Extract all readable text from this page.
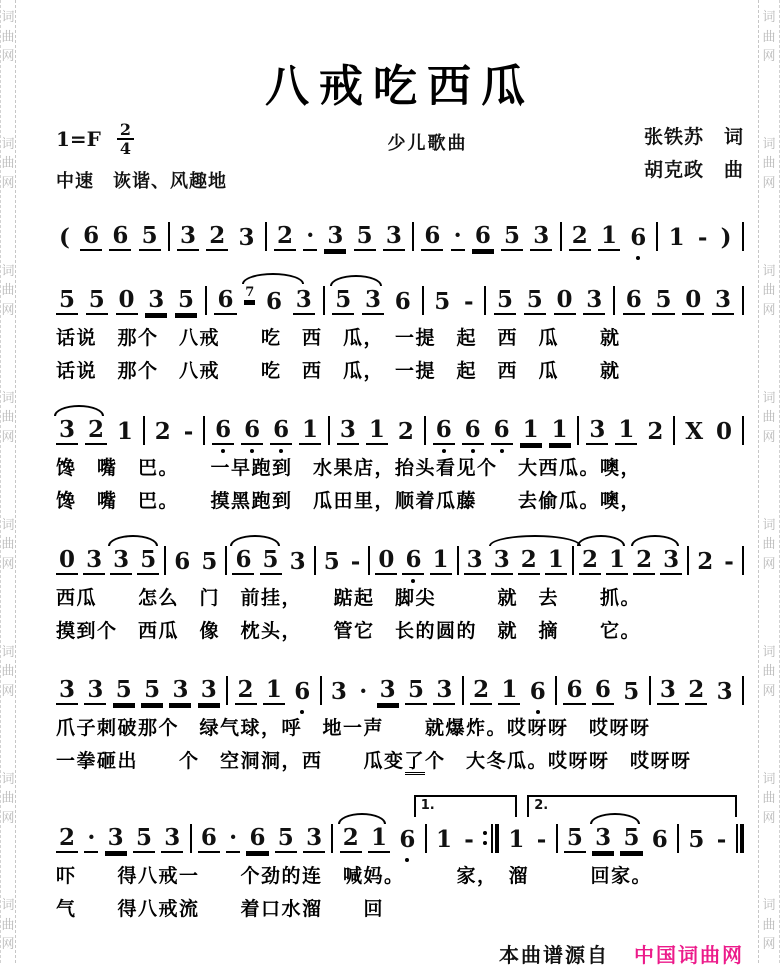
词
曲
网
词
曲
网
词
曲
网
词
曲
网
词
曲
网
词
曲
网
词
曲
网
词
曲
网
词
曲
网
词
曲
网
词
曲
网
词
曲
网
词
曲
网
词
曲
网
词
曲
网
词
曲
网
八戒吃西瓜
$1=F \frac{2}{4}$
中速　诙谐、风趣地
少儿歌曲	张铁苏　词
胡克政　曲
( 6 6 5 3 2 3 2 · 3 5 3 6 · 6 5 3 2 1 6 1 - )
5 5 0 3 5 6 7 6 3 5 3 6 5 - 5 5 0 3 6 5 0 3
话说　那个　八戒　　吃　西　瓜，　一提　起　西　瓜　　就
话说　那个　八戒　　吃　西　瓜，　一提　起　西　瓜　　就
3 2 1 2 - 6 6 6 1 3 1 2 6 6 6 1 1 3 1 2 X 0
馋　嘴　巴。　　一早跑到　水果店，抬头看见个　大西瓜。噢，
馋　嘴　巴。　　摸黑跑到　瓜田里，顺着瓜藤　　去偷瓜。噢，
0 3 3 5 6 5 6 5 3 5 - 0 6 1 3 3 2 1 2 1 2 3 2 -
西瓜　　怎么　门　前挂，　　踮起　脚尖　　　就　去　　抓。
摸到个　西瓜　像　枕头，　　管它　长的圆的　就　摘　　它。
3 3 5 5 3 3 2 1 6 3 · 3 5 3 2 1 6 6 6 5 3 2 3
爪子刺破那个　绿气球，呼　地一声　　就爆炸。哎呀呀　哎呀呀
一拳砸出　　个　空洞洞，西　　瓜变了个　大冬瓜。哎呀呀　哎呀呀
1.	2.
2 · 3 5 3 6 · 6 5 3 2 1 6 1 - 1 - 5 3 5 6 5 -
吓　　得八戒一　　个劲的连　喊妈。　　　家，　溜　　　回家。
气　　得八戒流　　着口水溜　　回
本曲谱源自 中国词曲网
